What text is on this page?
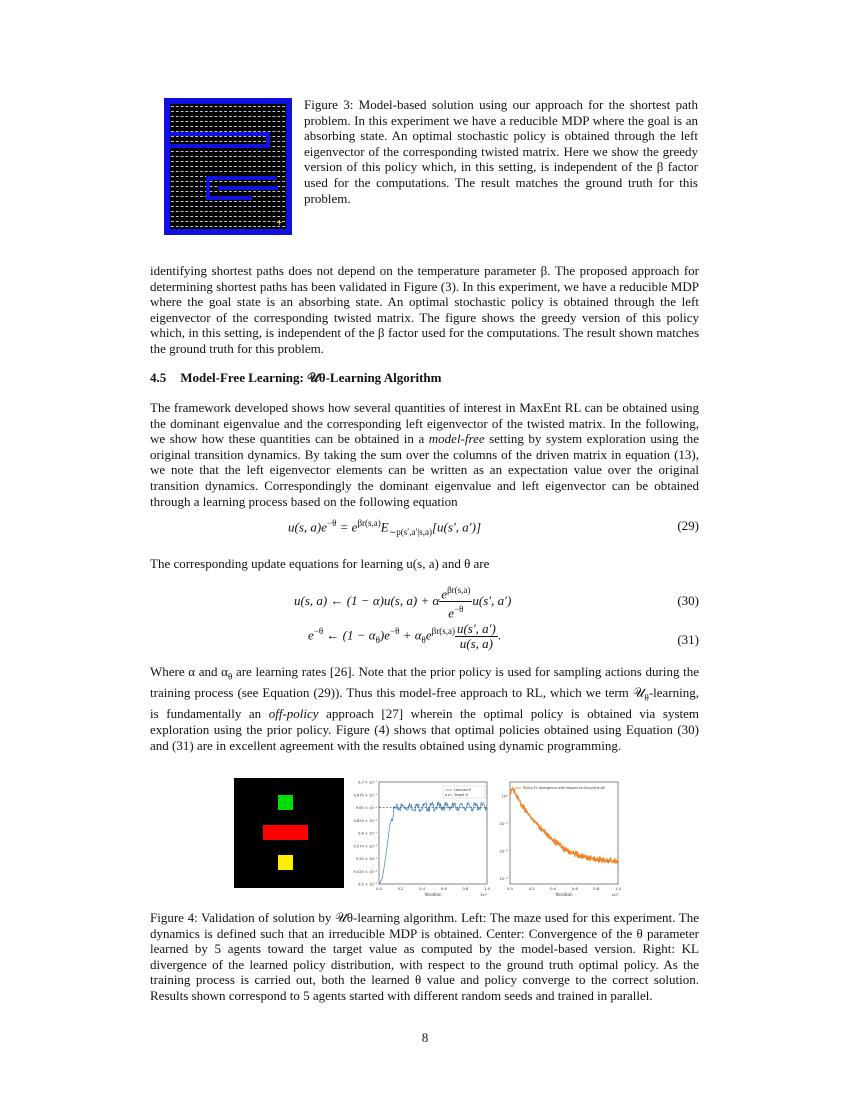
+
Figure 3: Model-based solution using our approach for the shortest path problem. In this experiment we have a reducible MDP where the goal is an absorbing state. An optimal stochastic policy is obtained through the left eigenvector of the corresponding twisted matrix. Here we show the greedy version of this policy which, in this setting, is independent of the β factor used for the computations. The result matches the ground truth for this problem.

identifying shortest paths does not depend on the temperature parameter β. The proposed approach for determining shortest paths has been validated in Figure (3). In this experiment, we have a reducible MDP where the goal state is an absorbing state. An optimal stochastic policy is obtained through the left eigenvector of the corresponding twisted matrix. The figure shows the greedy version of this policy which, in this setting, is independent of the β factor used for the computations. The result shown matches the ground truth for this problem.

4.5 Model-Free Learning: 𝒰θ-Learning Algorithm

The framework developed shows how several quantities of interest in MaxEnt RL can be obtained using the dominant eigenvalue and the corresponding left eigenvector of the twisted matrix. In the following, we show how these quantities can be obtained in a model-free setting by system exploration using the original transition dynamics. By taking the sum over the columns of the driven matrix in equation (13), we note that the left eigenvector elements can be written as an expectation value over the original transition dynamics. Correspondingly the dominant eigenvalue and left eigenvector can be obtained through a learning process based on the following equation

u(s, $a)e^{-\theta} = e^{\beta r(s,a)}E_{\sim p(s',a'|s,a)}[u(s'$, a′)]	(29)

The corresponding update equations for learning u(s, a) and θ are

u(s, a) ← (1 − α)u(s, a) + α $\frac{e^{\beta r(s,a)}}{e^{-\theta}} u(s'$, a′)	(30)
$e^{-\theta}$ ← $(1 - \alpha_\theta)e^{-\theta} + \alpha_\theta e^{\beta r(s,a)} \frac{u(s', a')}{u(s, a)}$ .	(31)

Where α and $\alpha_\theta$ are learning rates [26]. Note that the prior policy is used for sampling actions during the training process (see Equation (29)). Thus this model-free approach to RL, which we term 𝒰$_\theta$-learning, is fundamentally an off-policy approach [27] wherein the optimal policy is obtained via system exploration using the prior policy. Figure (4) shows that optimal policies obtained using Equation (30) and (31) are in excellent agreement with the results obtained using dynamic programming.

9.5 × 10⁻¹
9.525 × 10⁻¹
9.55 × 10⁻¹
9.575 × 10⁻¹
9.6 × 10⁻¹
9.625 × 10⁻¹
9.65 × 10⁻¹
9.675 × 10⁻¹
9.7 × 10⁻¹
0.0	0.2	0.4	0.6	0.8	1.0
Iteration	1e7
Learned θ
Target θ	10⁰
10⁻¹
10⁻²
10⁻³
0.0	0.2	0.4	0.6	0.8	1.0
Iteration	1e7
Policy KL divergence with respect to Ground truth
Figure 4: Validation of solution by 𝒰θ-learning algorithm. Left: The maze used for this experiment. The dynamics is defined such that an irreducible MDP is obtained. Center: Convergence of the θ parameter learned by 5 agents toward the target value as computed by the model-based version. Right: KL divergence of the learned policy distribution, with respect to the ground truth optimal policy. As the training process is carried out, both the learned θ value and policy converge to the correct solution. Results shown correspond to 5 agents started with different random seeds and trained in parallel.
8
